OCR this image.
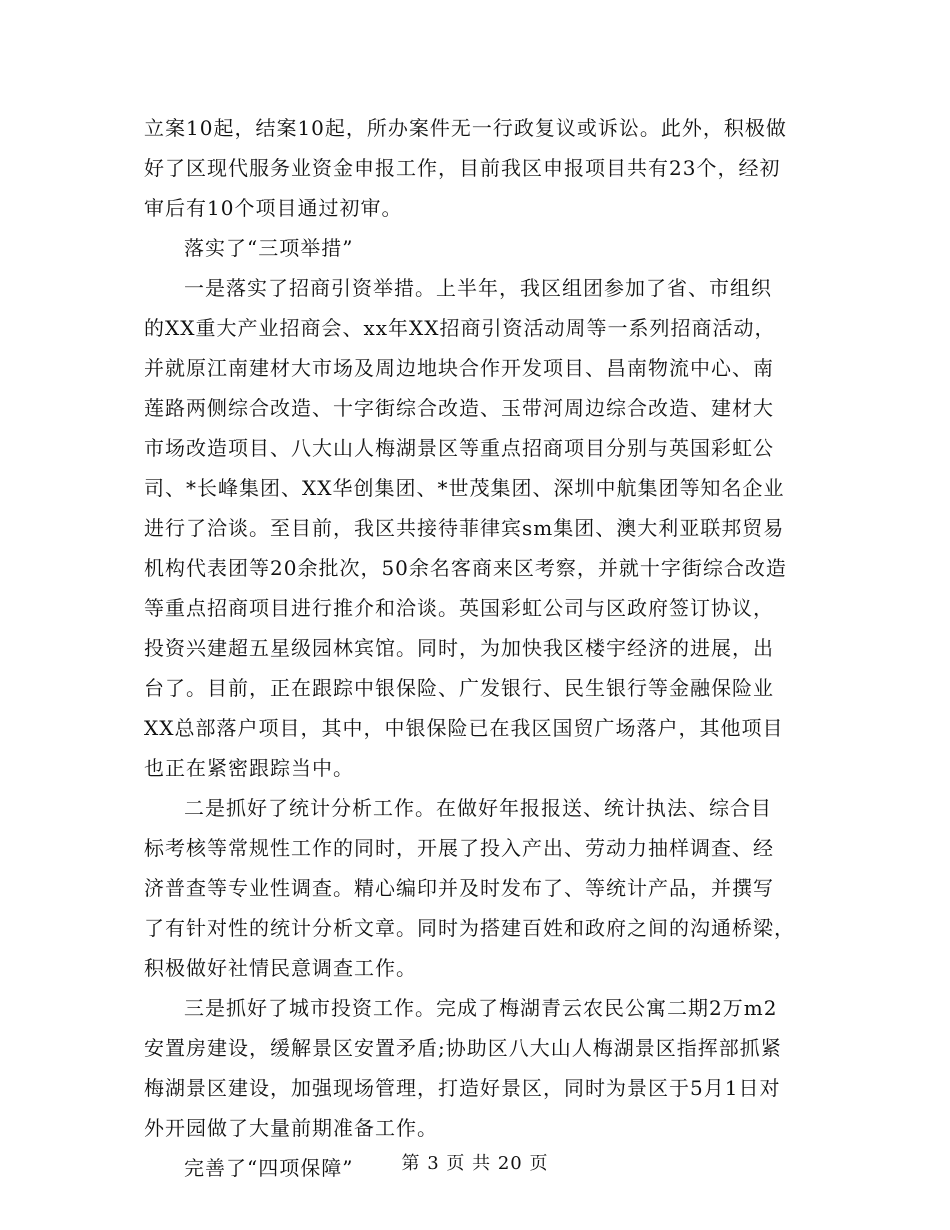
立案10起，结案10起，所办案件无一行政复议或诉讼。此外，积极做
好了区现代服务业资金申报工作，目前我区申报项目共有23个，经初
审后有10个项目通过初审。
落实了“三项举措”
一是落实了招商引资举措。上半年，我区组团参加了省、市组织
的XX重大产业招商会、xx年XX招商引资活动周等一系列招商活动，
并就原江南建材大市场及周边地块合作开发项目、昌南物流中心、南
莲路两侧综合改造、十字街综合改造、玉带河周边综合改造、建材大
市场改造项目、八大山人梅湖景区等重点招商项目分别与英国彩虹公
司、*长峰集团、XX华创集团、*世茂集团、深圳中航集团等知名企业
进行了洽谈。至目前，我区共接待菲律宾sm集团、澳大利亚联邦贸易
机构代表团等20余批次，50余名客商来区考察，并就十字街综合改造
等重点招商项目进行推介和洽谈。英国彩虹公司与区政府签订协议，
投资兴建超五星级园林宾馆。同时，为加快我区楼宇经济的进展，出
台了。目前，正在跟踪中银保险、广发银行、民生银行等金融保险业
XX总部落户项目，其中，中银保险已在我区国贸广场落户，其他项目
也正在紧密跟踪当中。
二是抓好了统计分析工作。在做好年报报送、统计执法、综合目
标考核等常规性工作的同时，开展了投入产出、劳动力抽样调查、经
济普查等专业性调查。精心编印并及时发布了、等统计产品，并撰写
了有针对性的统计分析文章。同时为搭建百姓和政府之间的沟通桥梁，
积极做好社情民意调查工作。
三是抓好了城市投资工作。完成了梅湖青云农民公寓二期2万m2
安置房建设，缓解景区安置矛盾;协助区八大山人梅湖景区指挥部抓紧
梅湖景区建设，加强现场管理，打造好景区，同时为景区于5月1日对
外开园做了大量前期准备工作。
完善了“四项保障”	第 3 页 共 20 页
